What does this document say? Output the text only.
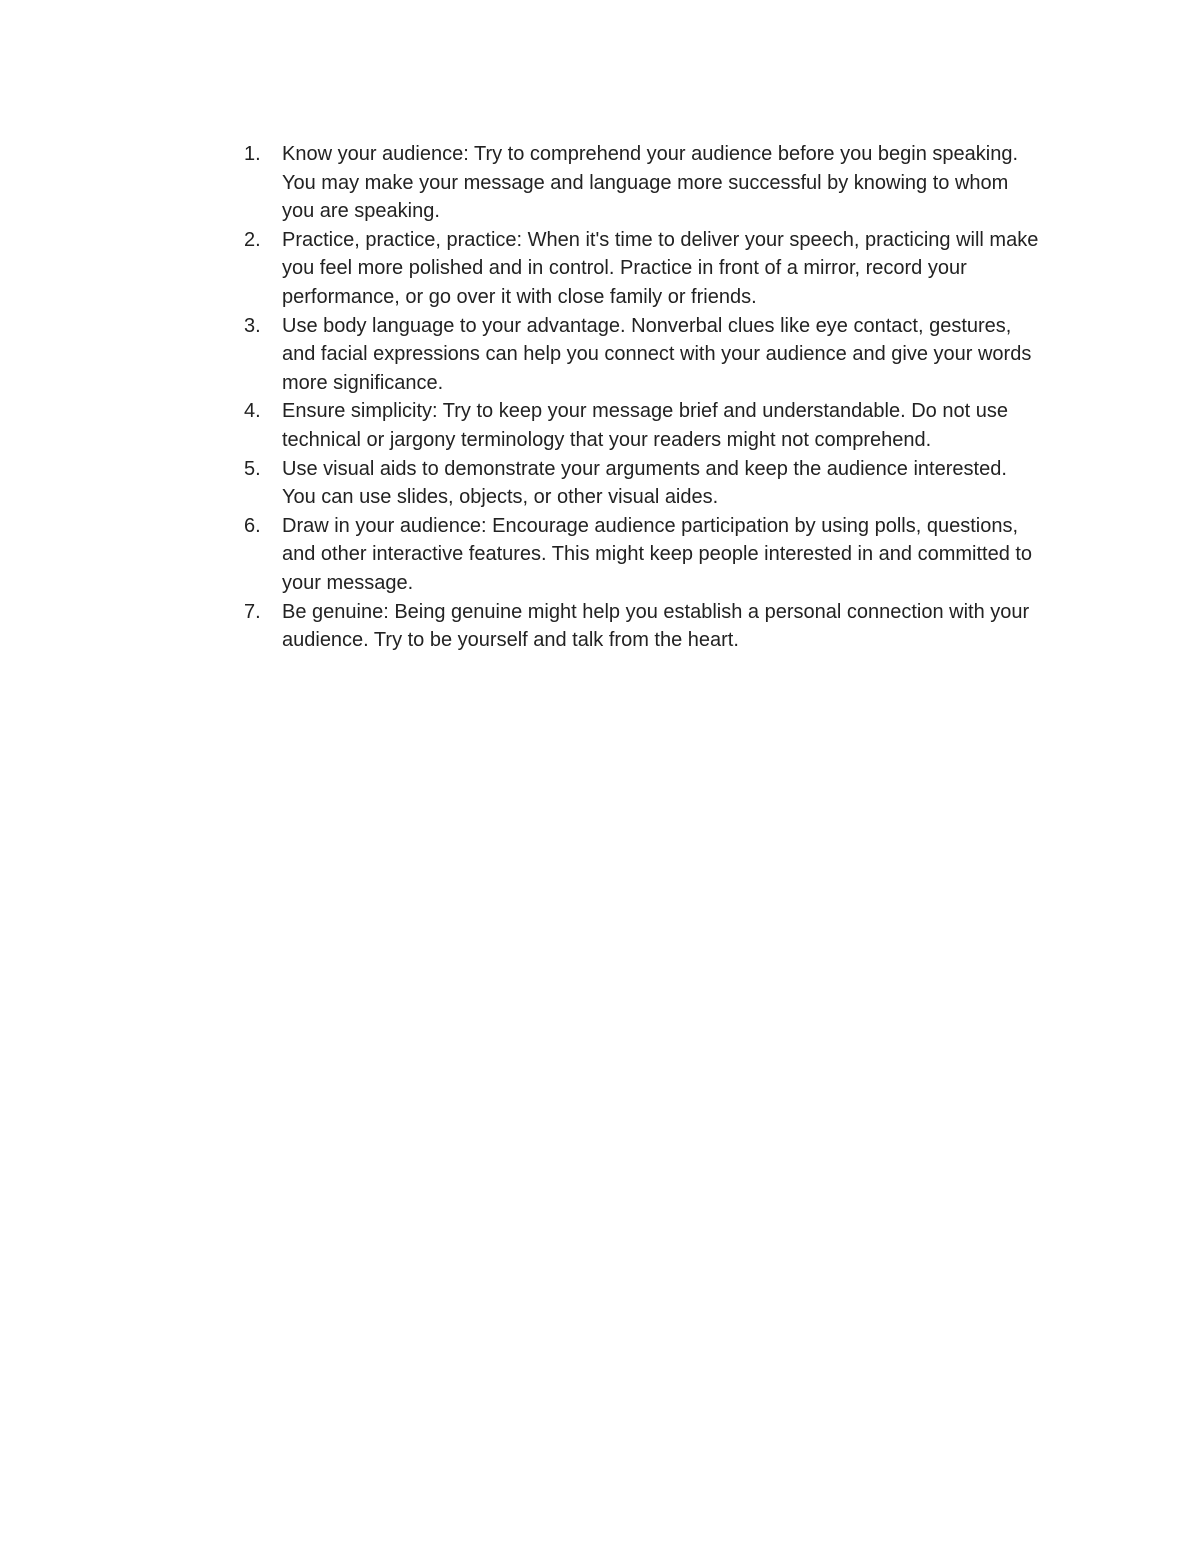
1.	Know your audience: Try to comprehend your audience before you begin speaking. You may make your message and language more successful by knowing to whom you are speaking.
2.	Practice, practice, practice: When it's time to deliver your speech, practicing will make you feel more polished and in control. Practice in front of a mirror, record your performance, or go over it with close family or friends.
3.	Use body language to your advantage. Nonverbal clues like eye contact, gestures, and facial expressions can help you connect with your audience and give your words more significance.
4.	Ensure simplicity: Try to keep your message brief and understandable. Do not use technical or jargony terminology that your readers might not comprehend.
5.	Use visual aids to demonstrate your arguments and keep the audience interested. You can use slides, objects, or other visual aides.
6.	Draw in your audience: Encourage audience participation by using polls, questions, and other interactive features. This might keep people interested in and committed to your message.
7.	Be genuine: Being genuine might help you establish a personal connection with your audience. Try to be yourself and talk from the heart.
